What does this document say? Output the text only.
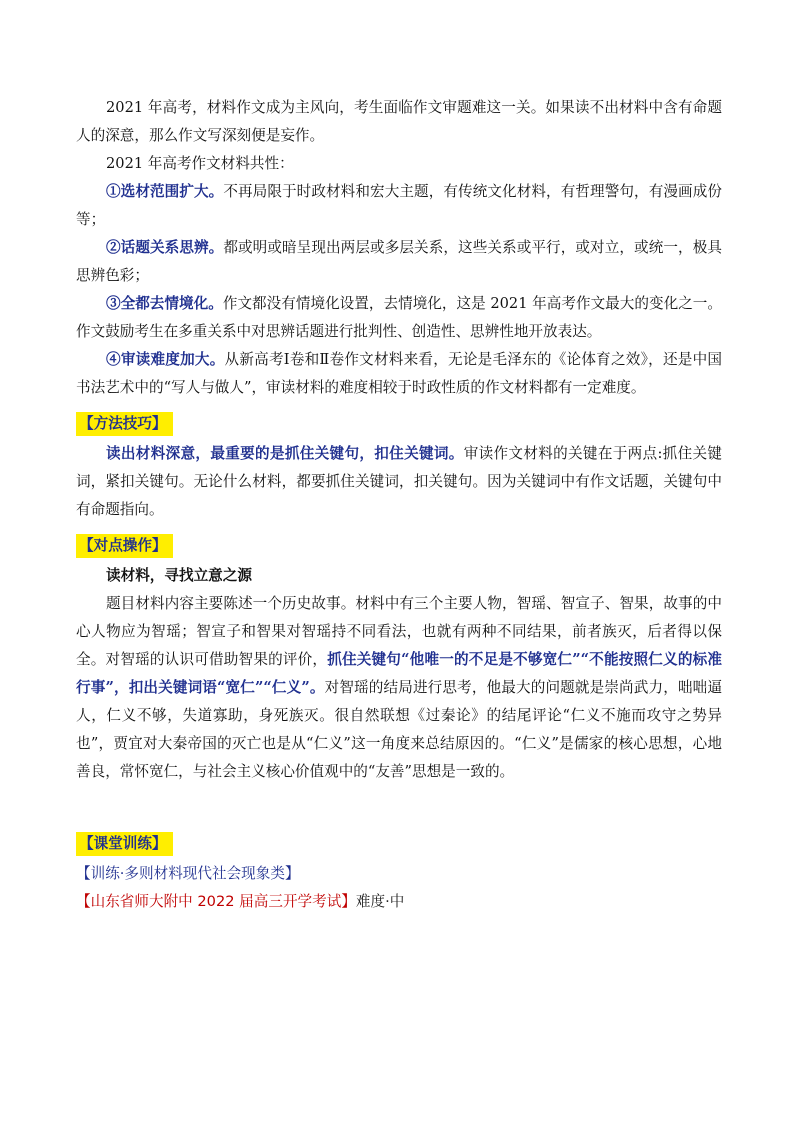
2021 年高考，材料作文成为主风向，考生面临作文审题难这一关。如果读不出材料中含有命题人的深意，那么作文写深刻便是妄作。

2021 年高考作文材料共性：

①选材范围扩大。不再局限于时政材料和宏大主题，有传统文化材料，有哲理警句，有漫画成份等；

②话题关系思辨。都或明或暗呈现出两层或多层关系，这些关系或平行，或对立，或统一，极具思辨色彩；

③全都去情境化。作文都没有情境化设置，去情境化，这是 2021 年高考作文最大的变化之一。作文鼓励考生在多重关系中对思辨话题进行批判性、创造性、思辨性地开放表达。

④审读难度加大。从新高考Ⅰ卷和Ⅱ卷作文材料来看，无论是毛泽东的《论体育之效》，还是中国书法艺术中的“写人与做人”，审读材料的难度相较于时政性质的作文材料都有一定难度。

【方法技巧】

读出材料深意，最重要的是抓住关键句，扣住关键词。审读作文材料的关键在于两点:抓住关键词，紧扣关键句。无论什么材料，都要抓住关键词，扣关键句。因为关键词中有作文话题，关键句中有命题指向。

【对点操作】

读材料，寻找立意之源

题目材料内容主要陈述一个历史故事。材料中有三个主要人物，智瑶、智宣子、智果，故事的中心人物应为智瑶；智宣子和智果对智瑶持不同看法，也就有两种不同结果，前者族灭，后者得以保全。对智瑶的认识可借助智果的评价，抓住关键句“他唯一的不足是不够宽仁”“不能按照仁义的标准行事”，扣出关键词语“宽仁”“仁义”。对智瑶的结局进行思考，他最大的问题就是崇尚武力，咄咄逼人，仁义不够，失道寡助，身死族灭。很自然联想《过秦论》的结尾评论“仁义不施而攻守之势异也”，贾宜对大秦帝国的灭亡也是从“仁义”这一角度来总结原因的。“仁义”是儒家的核心思想，心地善良，常怀宽仁，与社会主义核心价值观中的“友善”思想是一致的。

【课堂训练】
【训练·多则材料现代社会现象类】
【山东省师大附中 2022 届高三开学考试】难度·中
